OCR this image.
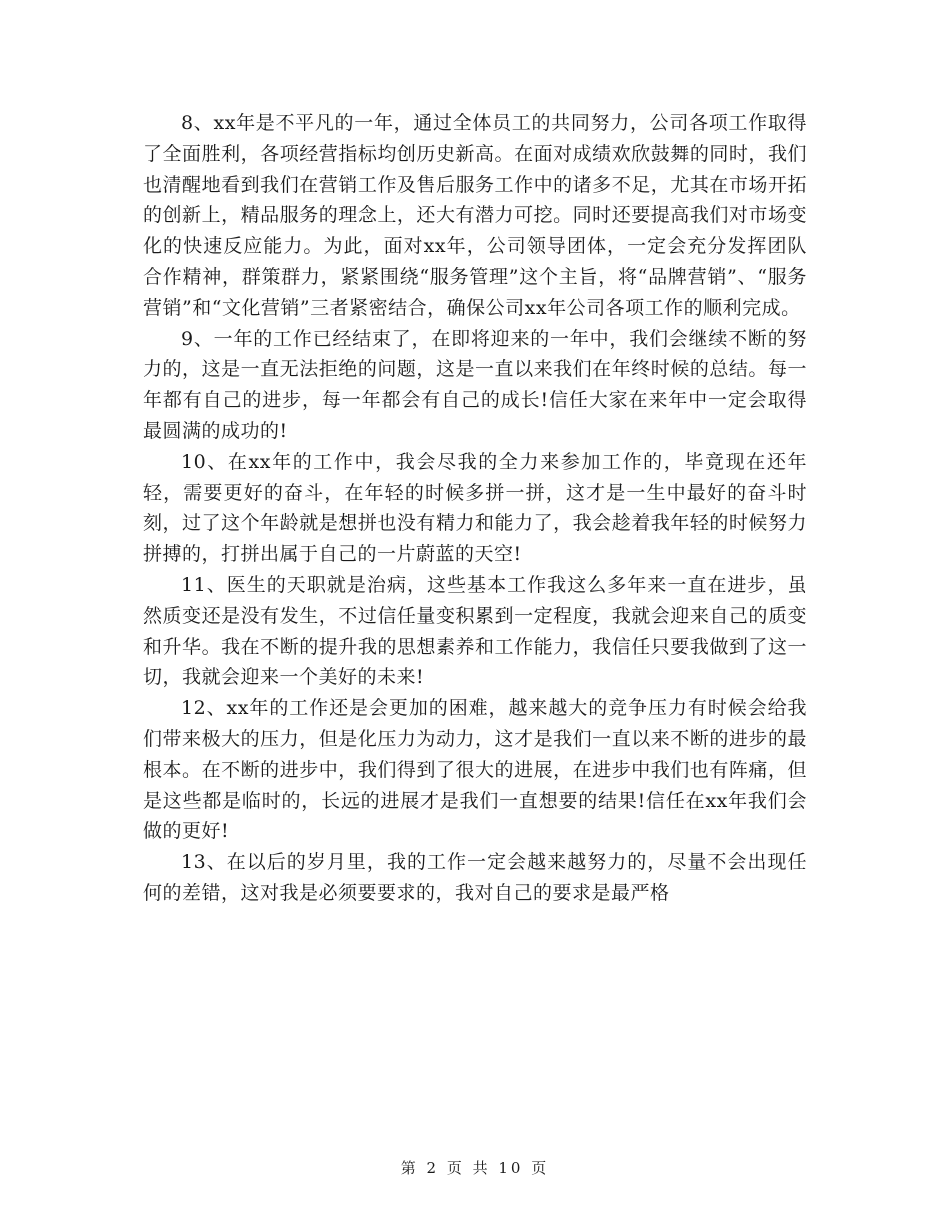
8、xx年是不平凡的一年，通过全体员工的共同努力，公司各项工作取得了全面胜利，各项经营指标均创历史新高。在面对成绩欢欣鼓舞的同时，我们也清醒地看到我们在营销工作及售后服务工作中的诸多不足，尤其在市场开拓的创新上，精品服务的理念上，还大有潜力可挖。同时还要提高我们对市场变化的快速反应能力。为此，面对xx年，公司领导团体，一定会充分发挥团队合作精神，群策群力，紧紧围绕“服务管理”这个主旨，将“品牌营销”、“服务营销”和“文化营销”三者紧密结合，确保公司xx年公司各项工作的顺利完成。

9、一年的工作已经结束了，在即将迎来的一年中，我们会继续不断的努力的，这是一直无法拒绝的问题，这是一直以来我们在年终时候的总结。每一年都有自己的进步，每一年都会有自己的成长!信任大家在来年中一定会取得最圆满的成功的!

10、在xx年的工作中，我会尽我的全力来参加工作的，毕竟现在还年轻，需要更好的奋斗，在年轻的时候多拼一拼，这才是一生中最好的奋斗时刻，过了这个年龄就是想拼也没有精力和能力了，我会趁着我年轻的时候努力拼搏的，打拼出属于自己的一片蔚蓝的天空!

11、医生的天职就是治病，这些基本工作我这么多年来一直在进步，虽然质变还是没有发生，不过信任量变积累到一定程度，我就会迎来自己的质变和升华。我在不断的提升我的思想素养和工作能力，我信任只要我做到了这一切，我就会迎来一个美好的未来!

12、xx年的工作还是会更加的困难，越来越大的竞争压力有时候会给我们带来极大的压力，但是化压力为动力，这才是我们一直以来不断的进步的最根本。在不断的进步中，我们得到了很大的进展，在进步中我们也有阵痛，但是这些都是临时的，长远的进展才是我们一直想要的结果!信任在xx年我们会做的更好!

13、在以后的岁月里，我的工作一定会越来越努力的，尽量不会出现任何的差错，这对我是必须要要求的，我对自己的要求是最严格

第 2 页 共 10 页
